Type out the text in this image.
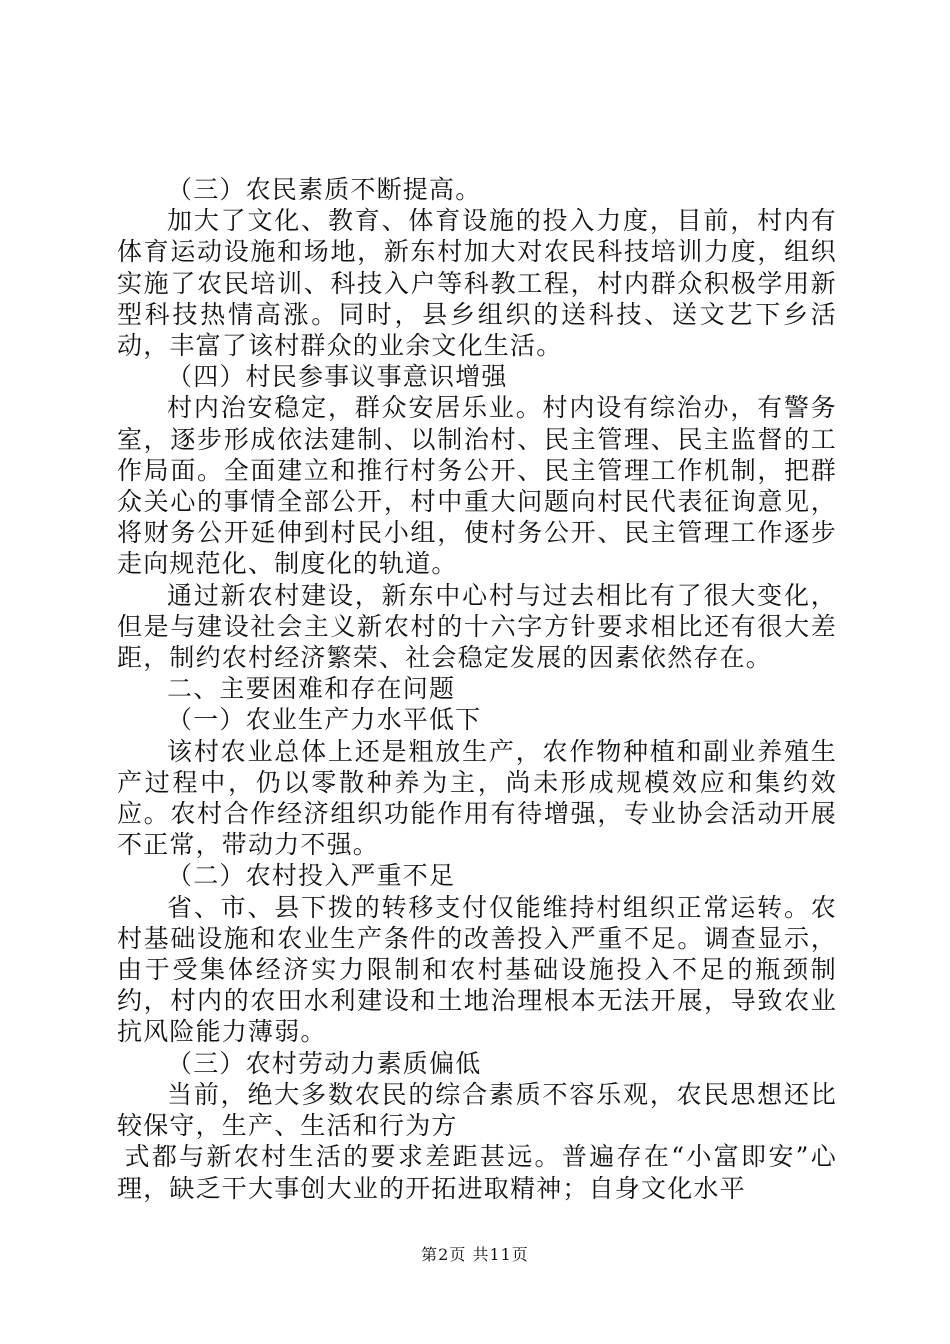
（三）农民素质不断提高。

加大了文化、教育、体育设施的投入力度，目前，村内有体育运动设施和场地，新东村加大对农民科技培训力度，组织实施了农民培训、科技入户等科教工程，村内群众积极学用新型科技热情高涨。同时，县乡组织的送科技、送文艺下乡活动，丰富了该村群众的业余文化生活。

（四）村民参事议事意识增强

村内治安稳定，群众安居乐业。村内设有综治办，有警务室，逐步形成依法建制、以制治村、民主管理、民主监督的工作局面。全面建立和推行村务公开、民主管理工作机制，把群众关心的事情全部公开，村中重大问题向村民代表征询意见，将财务公开延伸到村民小组，使村务公开、民主管理工作逐步走向规范化、制度化的轨道。

通过新农村建设，新东中心村与过去相比有了很大变化，但是与建设社会主义新农村的十六字方针要求相比还有很大差距，制约农村经济繁荣、社会稳定发展的因素依然存在。

二、主要困难和存在问题

（一）农业生产力水平低下

该村农业总体上还是粗放生产，农作物种植和副业养殖生产过程中，仍以零散种养为主，尚未形成规模效应和集约效应。农村合作经济组织功能作用有待增强，专业协会活动开展不正常，带动力不强。

（二）农村投入严重不足

省、市、县下拨的转移支付仅能维持村组织正常运转。农村基础设施和农业生产条件的改善投入严重不足。调查显示，由于受集体经济实力限制和农村基础设施投入不足的瓶颈制约，村内的农田水利建设和土地治理根本无法开展，导致农业抗风险能力薄弱。

（三）农村劳动力素质偏低

当前，绝大多数农民的综合素质不容乐观，农民思想还比较保守，生产、生活和行为方

式都与新农村生活的要求差距甚远。普遍存在“小富即安”心理，缺乏干大事创大业的开拓进取精神；自身文化水平

第2页 共11页
